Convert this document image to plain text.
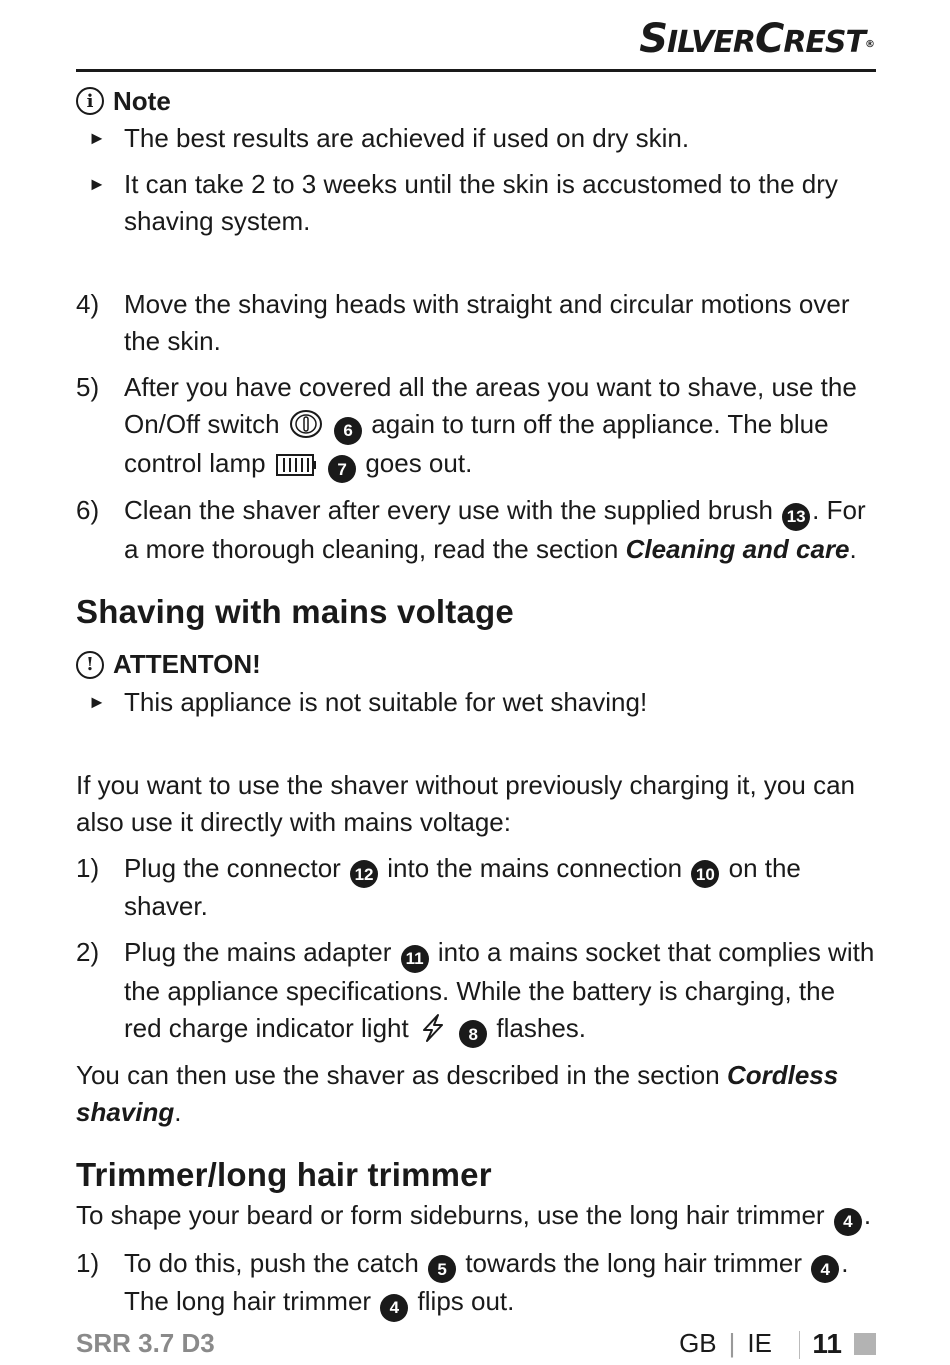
SILVERCREST®
i Note

► The best results are achieved if used on dry skin.

► It can take 2 to 3 weeks until the skin is accustomed to the dry shaving system.

4) Move the shaving heads with straight and circular motions over the skin.

5) After you have covered all the areas you want to shave, use the On/Off switch	6 again to turn off the appliance. The blue control lamp	7 goes out.

6) Clean the shaver after every use with the supplied brush 13 . For a more thorough cleaning, read the section Cleaning and care.

Shaving with mains voltage
! ATTENTON!

► This appliance is not suitable for wet shaving!

If you want to use the shaver without previously charging it, you can also use it directly with mains voltage:

1) Plug the connector 12 into the mains connection 10 on the shaver.

2) Plug the mains adapter 11 into a mains socket that complies with the appliance specifications. While the battery is charging, the red charge indicator light	8 flashes.

You can then use the shaver as described in the section Cordless shaving.

Trimmer/long hair trimmer

To shape your beard or form sideburns, use the long hair trimmer 4 .

1) To do this, push the catch 5 towards the long hair trimmer 4 . The long hair trimmer 4 flips out.

SRR 3.7 D3	GB | IE 11
